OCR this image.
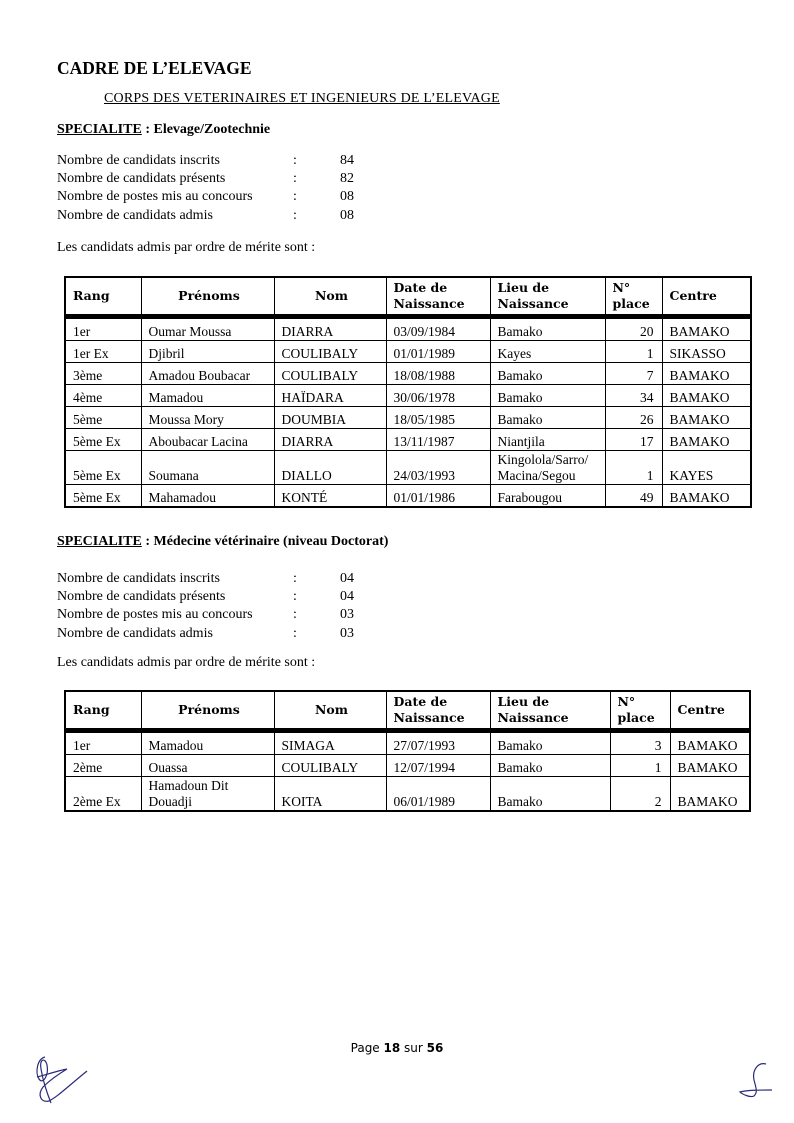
CADRE DE L’ELEVAGE
CORPS DES VETERINAIRES ET INGENIEURS DE L’ELEVAGE
SPECIALITE : Elevage/Zootechnie
Nombre de candidats inscrits	:	84
Nombre de candidats présents	:	82
Nombre de postes mis au concours	:	08
Nombre de candidats admis	:	08
Les candidats admis par ordre de mérite sont :
Rang	Prénoms	Nom	Date de Naissance	Lieu de Naissance	N° place	Centre
1er	Oumar Moussa	DIARRA	03/09/1984	Bamako	20	BAMAKO
1er Ex	Djibril	COULIBALY	01/01/1989	Kayes	1	SIKASSO
3ème	Amadou Boubacar	COULIBALY	18/08/1988	Bamako	7	BAMAKO
4ème	Mamadou	HAÏDARA	30/06/1978	Bamako	34	BAMAKO
5ème	Moussa Mory	DOUMBIA	18/05/1985	Bamako	26	BAMAKO
5ème Ex	Aboubacar Lacina	DIARRA	13/11/1987	Niantjila	17	BAMAKO
5ème Ex	Soumana	DIALLO	24/03/1993	Kingolola/Sarro/ Macina/Segou	1	KAYES
5ème Ex	Mahamadou	KONTÉ	01/01/1986	Farabougou	49	BAMAKO
SPECIALITE : Médecine vétérinaire (niveau Doctorat)
Nombre de candidats inscrits	:	04
Nombre de candidats présents	:	04
Nombre de postes mis au concours	:	03
Nombre de candidats admis	:	03
Les candidats admis par ordre de mérite sont :
Rang	Prénoms	Nom	Date de Naissance	Lieu de Naissance	N° place	Centre
1er	Mamadou	SIMAGA	27/07/1993	Bamako	3	BAMAKO
2ème	Ouassa	COULIBALY	12/07/1994	Bamako	1	BAMAKO
2ème Ex	Hamadoun Dit Douadji	KOITA	06/01/1989	Bamako	2	BAMAKO
Page 18 sur 56
